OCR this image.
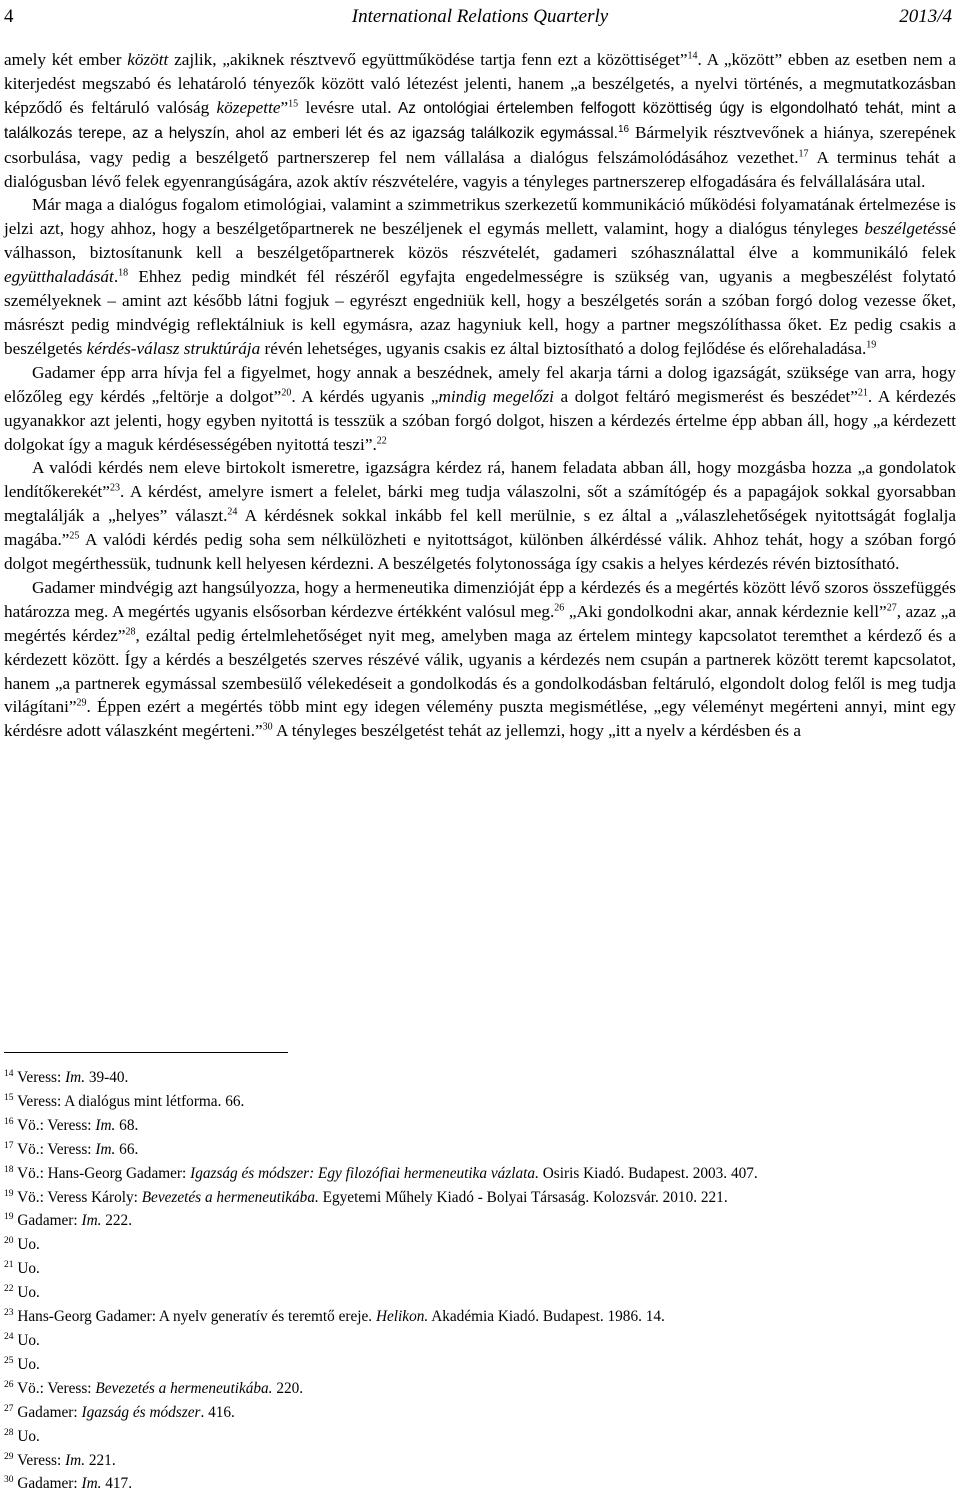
4	International Relations Quarterly	2013/4

amely két ember között zajlik, „akiknek résztvevő együttműködése tartja fenn ezt a közöttiséget”$^{14}$. A „között” ebben az esetben nem a kiterjedést megszabó és lehatároló tényezők között való létezést jelenti, hanem „a beszélgetés, a nyelvi történés, a megmutatkozásban képződő és feltáruló valóság közepette”$^{15}$ levésre utal. Az ontológiai értelemben felfogott közöttiség úgy is elgondolható tehát, mint a találkozás terepe, az a helyszín, ahol az emberi lét és az igazság találkozik egymással.$^{16}$ Bármelyik résztvevőnek a hiánya, szerepének csorbulása, vagy pedig a beszélgető partnerszerep fel nem vállalása a dialógus felszámolódásához vezethet.$^{17}$ A terminus tehát a dialógusban lévő felek egyenrangúságára, azok aktív részvételére, vagyis a tényleges partnerszerep elfogadására és felvállalására utal.

Már maga a dialógus fogalom etimológiai, valamint a szimmetrikus szerkezetű kommunikáció működési folyamatának értelmezése is jelzi azt, hogy ahhoz, hogy a beszélgetőpartnerek ne beszéljenek el egymás mellett, valamint, hogy a dialógus tényleges beszélgetéssé válhasson, biztosítanunk kell a beszélgetőpartnerek közös részvételét, gadameri szóhasználattal élve a kommunikáló felek együtthaladását.$^{18}$ Ehhez pedig mindkét fél részéről egyfajta engedelmességre is szükség van, ugyanis a megbeszélést folytató személyeknek ‒ amint azt később látni fogjuk ‒ egyrészt engedniük kell, hogy a beszélgetés során a szóban forgó dolog vezesse őket, másrészt pedig mindvégig reflektálniuk is kell egymásra, azaz hagyniuk kell, hogy a partner megszólíthassa őket. Ez pedig csakis a beszélgetés kérdés-válasz struktúrája révén lehetséges, ugyanis csakis ez által biztosítható a dolog fejlődése és előrehaladása.$^{19}$

Gadamer épp arra hívja fel a figyelmet, hogy annak a beszédnek, amely fel akarja tárni a dolog igazságát, szüksége van arra, hogy előzőleg egy kérdés „feltörje a dolgot”$^{20}$. A kérdés ugyanis „mindig megelőzi a dolgot feltáró megismerést és beszédet”$^{21}$. A kérdezés ugyanakkor azt jelenti, hogy egyben nyitottá is tesszük a szóban forgó dolgot, hiszen a kérdezés értelme épp abban áll, hogy „a kérdezett dolgokat így a maguk kérdésességében nyitottá teszi”.$^{22}$

A valódi kérdés nem eleve birtokolt ismeretre, igazságra kérdez rá, hanem feladata abban áll, hogy mozgásba hozza „a gondolatok lendítőkerekét”$^{23}$. A kérdést, amelyre ismert a felelet, bárki meg tudja válaszolni, sőt a számítógép és a papagájok sokkal gyorsabban megtalálják a „helyes” választ.$^{24}$ A kérdésnek sokkal inkább fel kell merülnie, s ez által a „válaszlehetőségek nyitottságát foglalja magába.”$^{25}$ A valódi kérdés pedig soha sem nélkülözheti e nyitottságot, különben álkérdéssé válik. Ahhoz tehát, hogy a szóban forgó dolgot megérthessük, tudnunk kell helyesen kérdezni. A beszélgetés folytonossága így csakis a helyes kérdezés révén biztosítható.

Gadamer mindvégig azt hangsúlyozza, hogy a hermeneutika dimenzióját épp a kérdezés és a megértés között lévő szoros összefüggés határozza meg. A megértés ugyanis elsősorban kérdezve értékként valósul meg.$^{26}$ „Aki gondolkodni akar, annak kérdeznie kell”$^{27}$, azaz „a megértés kérdez”$^{28}$, ezáltal pedig értelmlehetőséget nyit meg, amelyben maga az értelem mintegy kapcsolatot teremthet a kérdező és a kérdezett között. Így a kérdés a beszélgetés szerves részévé válik, ugyanis a kérdezés nem csupán a partnerek között teremt kapcsolatot, hanem „a partnerek egymással szembesülő vélekedéseit a gondolkodás és a gondolkodásban feltáruló, elgondolt dolog felől is meg tudja világítani”$^{29}$. Éppen ezért a megértés több mint egy idegen vélemény puszta megismétlése, „egy véleményt megérteni annyi, mint egy kérdésre adott válaszként megérteni.”$^{30}$ A tényleges beszélgetést tehát az jellemzi, hogy „itt a nyelv a kérdésben és a

$^{14}$ Veress: Im. 39-40.

$^{15}$ Veress: A dialógus mint létforma. 66.

$^{16}$ Vö.: Veress: Im. 68.

$^{17}$ Vö.: Veress: Im. 66.

$^{18}$ Vö.: Hans-Georg Gadamer: Igazság és módszer: Egy filozófiai hermeneutika vázlata. Osiris Kiadó. Budapest. 2003. 407.

$^{19}$ Vö.: Veress Károly: Bevezetés a hermeneutikába. Egyetemi Műhely Kiadó - Bolyai Társaság. Kolozsvár. 2010. 221.

$^{19}$ Gadamer: Im. 222.

$^{20}$ Uo.

$^{21}$ Uo.

$^{22}$ Uo.

$^{23}$ Hans-Georg Gadamer: A nyelv generatív és teremtő ereje. Helikon. Akadémia Kiadó. Budapest. 1986. 14.

$^{24}$ Uo.

$^{25}$ Uo.

$^{26}$ Vö.: Veress: Bevezetés a hermeneutikába. 220.

$^{27}$ Gadamer: Igazság és módszer. 416.

$^{28}$ Uo.

$^{29}$ Veress: Im. 221.

$^{30}$ Gadamer: Im. 417.
